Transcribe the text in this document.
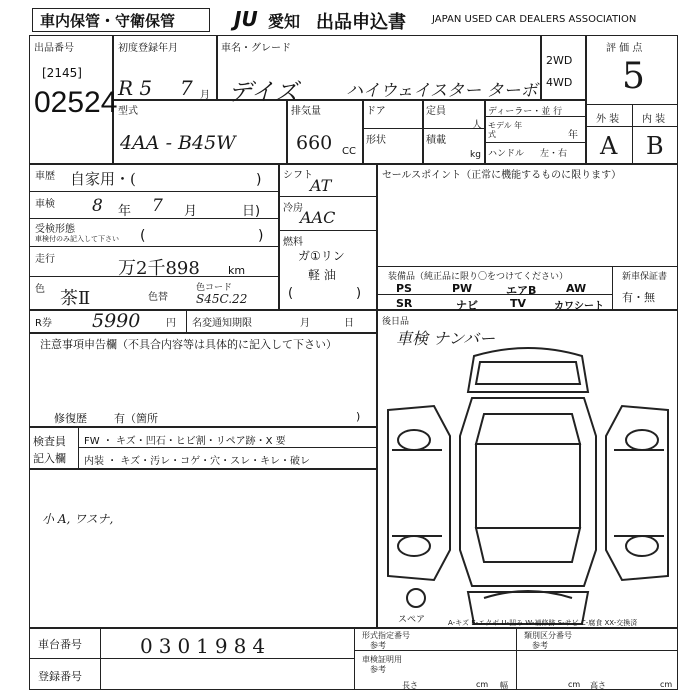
車内保管・守衛保管	JU 愛知 出品申込書	JAPAN USED CAR DEALERS ASSOCIATION
出品番号
[2145]
02524
初度登録年月
R 5 7 月
車名・グレード
デイズ	ハイウェイスター ターボ
2WD
4WD
評 価 点
5
外 装 内 装
A B
型式
4AA - B45W
排気量
660 CC
ドア
形状
定員
人
積載
kg
ディーラー・並 行
モデル 年式	年
ハンドル 左・右
車歴 自家用・(	)
車検 8 年 7 月	日)
受検形態
車検付のみ記入して下さい (	)
走行	万2千898	km
色 茶Ⅱ	色替
色コード
S45C.22
R券 5990	円 名変通知期限	月	日
シフト
AT
冷房
AAC
燃料
ガ①リン
軽 油
(	)
セールスポイント（正常に機能するものに限ります）
装備品（純正品に限り〇をつけてください）
PS	PW	エアB	AW
SR	ナビ	TV	カワシート
新車保証書
有・無
後日品
車検 ナンバー
注意事項申告欄（不具合内容等は具体的に記入して下さい）
修復歴 有（箇所	)
検査員
記入欄
FW ・ キズ・凹石・ヒビ割・リペア跡・X 要
内装 ・ キズ・汚レ・コゲ・穴・スレ・キレ・破レ
小 A, ワスナ,
スペア	A-キズ E-エクボ U-凹み W-補修跡 S-サビ C-腐食 XX-交換済
車台番号	0301984
登録番号
形式指定番号
参考
類別区分番号
参考
車検証明用
参考
長さ	cm 幅	cm 高さ	cm
